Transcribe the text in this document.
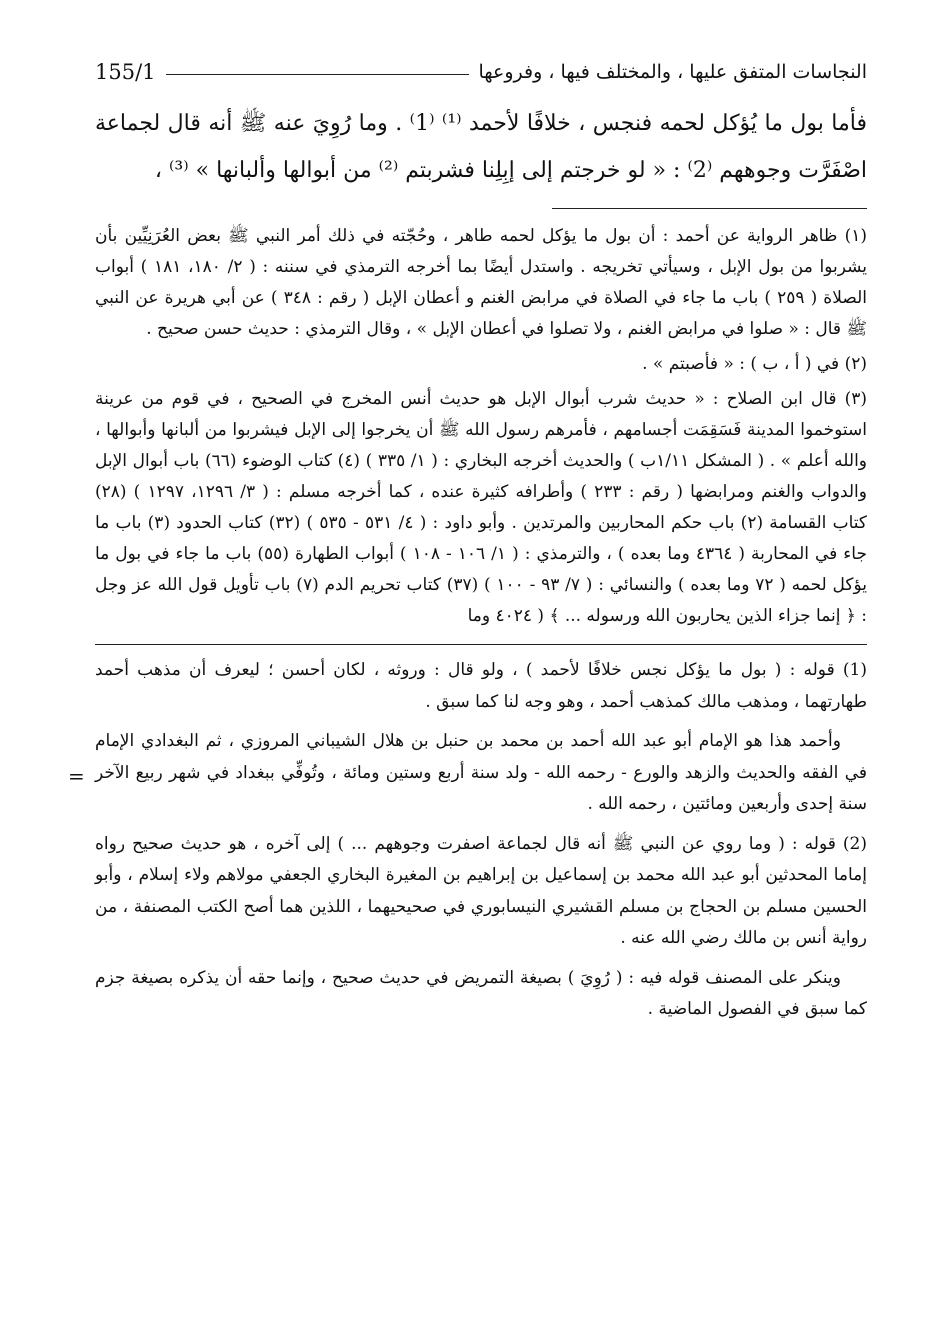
النجاسات المتفق عليها ، والمختلف فيها ، وفروعها
155/1

فأما بول ما يُؤكل لحمه فنجس ، خلافًا لأحمد ⁽¹⁾ ⁽1⁾ . وما رُوِيَ عنه ﷺ أنه قال لجماعة اصْفَرَّت وجوههم ⁽2⁾ : « لو خرجتم إلى إبِلِنا فشربتم ⁽²⁾ من أبوالها وألبانها » ⁽³⁾ ،

(١) ظاهر الرواية عن أحمد : أن بول ما يؤكل لحمه طاهر ، وحُجّته في ذلك أمر النبي ﷺ بعض العُرَنِيِّين بأن يشربوا من بول الإبل ، وسيأتي تخريجه . واستدل أيضًا بما أخرجه الترمذي في سننه : ( ٢/ ١٨٠، ١٨١ ) أبواب الصلاة ( ٢٥٩ ) باب ما جاء في الصلاة في مرابض الغنم و أعطان الإبل ( رقم : ٣٤٨ ) عن أبي هريرة عن النبي ﷺ قال : « صلوا في مرابض الغنم ، ولا تصلوا في أعطان الإبل » ، وقال الترمذي : حديث حسن صحيح .

(٢) في ( أ ، ب ) : « فأصبتم » .

(٣) قال ابن الصلاح : « حديث شرب أبوال الإبل هو حديث أنس المخرج في الصحيح ، في قوم من عرينة استوخموا المدينة فَسَقِمَت أجسامهم ، فأمرهم رسول الله ﷺ أن يخرجوا إلى الإبل فيشربوا من ألبانها وأبوالها ، والله أعلم » . ( المشكل ١/١١ب ) والحديث أخرجه البخاري : ( ١/ ٣٣٥ ) (٤) كتاب الوضوء (٦٦) باب أبوال الإبل والدواب والغنم ومرابضها ( رقم : ٢٣٣ ) وأطرافه كثيرة عنده ، كما أخرجه مسلم : ( ٣/ ١٢٩٦، ١٢٩٧ ) (٢٨) كتاب القسامة (٢) باب حكم المحاربين والمرتدين . وأبو داود : ( ٤/ ٥٣١ - ٥٣٥ ) (٣٢) كتاب الحدود (٣) باب ما جاء في المحاربة ( ٤٣٦٤ وما بعده ) ، والترمذي : ( ١/ ١٠٦ - ١٠٨ ) أبواب الطهارة (٥٥) باب ما جاء في بول ما يؤكل لحمه ( ٧٢ وما بعده ) والنسائي : ( ٧/ ٩٣ - ١٠٠ ) (٣٧) كتاب تحريم الدم (٧) باب تأويل قول الله عز وجل : ﴿ إنما جزاء الذين يحاربون الله ورسوله ... ﴾ ( ٤٠٢٤ وما

(1) قوله : ( بول ما يؤكل نجس خلافًا لأحمد ) ، ولو قال : وروثه ، لكان أحسن ؛ ليعرف أن مذهب أحمد طهارتهما ، ومذهب مالك كمذهب أحمد ، وهو وجه لنا كما سبق .

وأحمد هذا هو الإمام أبو عبد الله أحمد بن محمد بن حنبل بن هلال الشيباني المروزي ، ثم البغدادي الإمام في الفقه والحديث والزهد والورع - رحمه الله - ولد سنة أربع وستين ومائة ، وتُوفِّي ببغداد في شهر ربيع الآخر سنة إحدى وأربعين ومائتين ، رحمه الله .

(2) قوله : ( وما روي عن النبي ﷺ أنه قال لجماعة اصفرت وجوههم ... ) إلى آخره ، هو حديث صحيح رواه إماما المحدثين أبو عبد الله محمد بن إسماعيل بن إبراهيم بن المغيرة البخاري الجعفي مولاهم ولاء إسلام ، وأبو الحسين مسلم بن الحجاج بن مسلم القشيري النيسابوري في صحيحيهما ، اللذين هما أصح الكتب المصنفة ، من رواية أنس بن مالك رضي الله عنه .

وينكر على المصنف قوله فيه : ( رُوِيَ ) بصيغة التمريض في حديث صحيح ، وإنما حقه أن يذكره بصيغة جزم كما سبق في الفصول الماضية .

=
